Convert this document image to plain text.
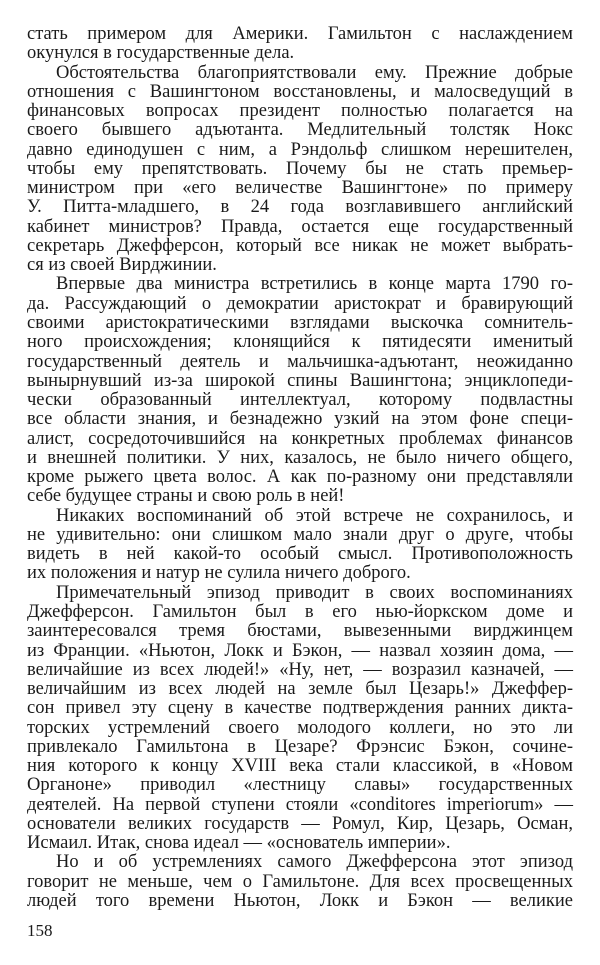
стать примером для Америки. Гамильтон с наслаждением
окунулся в государственные дела.
Обстоятельства благоприятствовали ему. Прежние добрые
отношения с Вашингтоном восстановлены, и малосведущий в
финансовых вопросах президент полностью полагается на
своего бывшего адъютанта. Медлительный толстяк Нокс
давно единодушен с ним, а Рэндольф слишком нерешителен,
чтобы ему препятствовать. Почему бы не стать премьер-
министром при «его величестве Вашингтоне» по примеру
У. Питта-младшего, в 24 года возглавившего английский
кабинет министров? Правда, остается еще государственный
секретарь Джефферсон, который все никак не может выбрать-
ся из своей Вирджинии.
Впервые два министра встретились в конце марта 1790 го-
да. Рассуждающий о демократии аристократ и бравирующий
своими аристократическими взглядами выскочка сомнитель-
ного происхождения; клонящийся к пятидесяти именитый
государственный деятель и мальчишка-адъютант, неожиданно
вынырнувший из-за широкой спины Вашингтона; энциклопеди-
чески образованный интеллектуал, которому подвластны
все области знания, и безнадежно узкий на этом фоне специ-
алист, сосредоточившийся на конкретных проблемах финансов
и внешней политики. У них, казалось, не было ничего общего,
кроме рыжего цвета волос. А как по-разному они представляли
себе будущее страны и свою роль в ней!
Никаких воспоминаний об этой встрече не сохранилось, и
не удивительно: они слишком мало знали друг о друге, чтобы
видеть в ней какой-то особый смысл. Противоположность
их положения и натур не сулила ничего доброго.
Примечательный эпизод приводит в своих воспоминаниях
Джефферсон. Гамильтон был в его нью-йоркском доме и
заинтересовался тремя бюстами, вывезенными вирджинцем
из Франции. «Ньютон, Локк и Бэкон, — назвал хозяин дома, —
величайшие из всех людей!» «Ну, нет, — возразил казначей, —
величайшим из всех людей на земле был Цезарь!» Джеффер-
сон привел эту сцену в качестве подтверждения ранних дикта-
торских устремлений своего молодого коллеги, но это ли
привлекало Гамильтона в Цезаре? Фрэнсис Бэкон, сочине-
ния которого к концу XVIII века стали классикой, в «Новом
Органоне» приводил «лестницу славы» государственных
деятелей. На первой ступени стояли «conditores imperiorum» —
основатели великих государств — Ромул, Кир, Цезарь, Осман,
Исмаил. Итак, снова идеал — «основатель империи».
Но и об устремлениях самого Джефферсона этот эпизод
говорит не меньше, чем о Гамильтоне. Для всех просвещенных
людей того времени Ньютон, Локк и Бэкон — великие
158
